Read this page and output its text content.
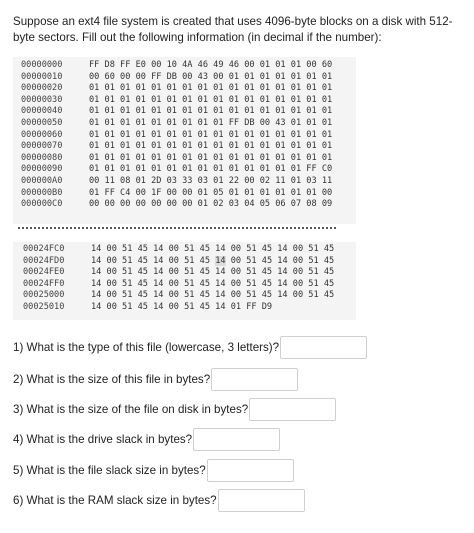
Suppose an ext4 file system is created that uses 4096-byte blocks on a disk with 512-byte sectors. Fill out the following information (in decimal if the number):

00000000	FF D8 FF E0 00 10 4A 46 49 46 00 01 01 01 00 60
00000010	00 60 00 00 FF DB 00 43 00 01 01 01 01 01 01 01
00000020	01 01 01 01 01 01 01 01 01 01 01 01 01 01 01 01
00000030	01 01 01 01 01 01 01 01 01 01 01 01 01 01 01 01
00000040	01 01 01 01 01 01 01 01 01 01 01 01 01 01 01 01
00000050	01 01 01 01 01 01 01 01 01 FF DB 00 43 01 01 01
00000060	01 01 01 01 01 01 01 01 01 01 01 01 01 01 01 01
00000070	01 01 01 01 01 01 01 01 01 01 01 01 01 01 01 01
00000080	01 01 01 01 01 01 01 01 01 01 01 01 01 01 01 01
00000090	01 01 01 01 01 01 01 01 01 01 01 01 01 01 FF C0
000000A0	00 11 08 01 2D 03 33 03 01 22 00 02 11 01 03 11
000000B0	01 FF C4 00 1F 00 00 01 05 01 01 01 01 01 01 00
000000C0	00 00 00 00 00 00 00 01 02 03 04 05 06 07 08 09
00024FC0	14 00 51 45 14 00 51 45 14 00 51 45 14 00 51 45
00024FD0	14 00 51 45 14 00 51 45 14 00 51 45 14 00 51 45
00024FE0	14 00 51 45 14 00 51 45 14 00 51 45 14 00 51 45
00024FF0	14 00 51 45 14 00 51 45 14 00 51 45 14 00 51 45
00025000	14 00 51 45 14 00 51 45 14 00 51 45 14 00 51 45
00025010	14 00 51 45 14 00 51 45 14 01 FF D9
1) What is the type of this file (lowercase, 3 letters)?
2) What is the size of this file in bytes?
3) What is the size of the file on disk in bytes?
4) What is the drive slack in bytes?
5) What is the file slack size in bytes?
6) What is the RAM slack size in bytes?
